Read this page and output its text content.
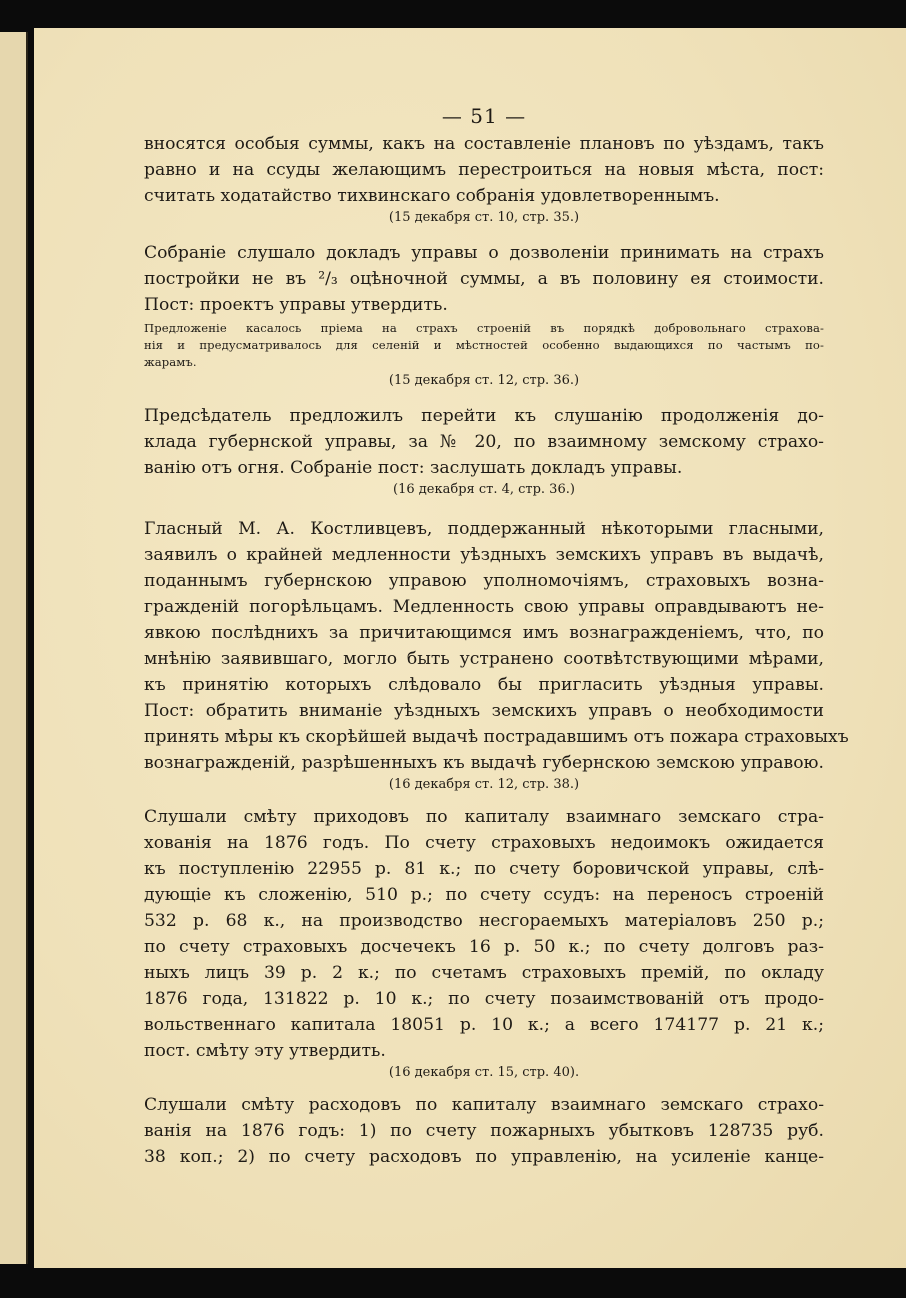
— 51 —
вносятся особыя суммы, какъ на составленіе плановъ по уѣздамъ, такъ
равно и на ссуды желающимъ перестроиться на новыя мѣста, пост:
считать ходатайство тихвинскаго собранія удовлетвореннымъ.
(15 декабря ст. 10, стр. 35.)
Собраніе слушало докладъ управы о дозволеніи принимать на страхъ
постройки не въ ²/₃ оцѣночной суммы, а въ половину ея стоимости.
Пост: проектъ управы утвердить.
Предложеніе касалось пріема на страхъ строеній въ порядкѣ добровольнаго страхова-
нія и предусматривалось для селеній и мѣстностей особенно выдающихся по частымъ по-
жарамъ.
(15 декабря ст. 12, стр. 36.)
Предсѣдатель предложилъ перейти къ слушанію продолженія до-
клада губернской управы, за № 20, по взаимному земскому страхо-
ванію отъ огня. Собраніе пост: заслушать докладъ управы.
(16 декабря ст. 4, стр. 36.)
Гласный М. А. Костливцевъ, поддержанный нѣкоторыми гласными,
заявилъ о крайней медленности уѣздныхъ земскихъ управъ въ выдачѣ,
поданнымъ губернскою управою уполномочіямъ, страховыхъ возна-
гражденій погорѣльцамъ. Медленность свою управы оправдываютъ не-
явкою послѣднихъ за причитающимся имъ вознагражденіемъ, что, по
мнѣнію заявившаго, могло быть устранено соотвѣтствующими мѣрами,
къ принятію которыхъ слѣдовало бы пригласить уѣздныя управы.
Пост: обратить вниманіе уѣздныхъ земскихъ управъ о необходимости
принять мѣры къ скорѣйшей выдачѣ пострадавшимъ отъ пожара страховыхъ
вознагражденій, разрѣшенныхъ къ выдачѣ губернскою земскою управою.
(16 декабря ст. 12, стр. 38.)
Слушали смѣту приходовъ по капиталу взаимнаго земскаго стра-
хованія на 1876 годъ. По счету страховыхъ недоимокъ ожидается
къ поступленію 22955 р. 81 к.; по счету боровичской управы, слѣ-
дующіе къ сложенію, 510 р.; по счету ссудъ: на переносъ строеній
532 р. 68 к., на производство несгораемыхъ матеріаловъ 250 р.;
по счету страховыхъ досчечекъ 16 р. 50 к.; по счету долговъ раз-
ныхъ лицъ 39 р. 2 к.; по счетамъ страховыхъ премій, по окладу
1876 года, 131822 р. 10 к.; по счету позаимствованій отъ продо-
вольственнаго капитала 18051 р. 10 к.; а всего 174177 р. 21 к.;
пост. смѣту эту утвердить.
(16 декабря ст. 15, стр. 40).
Слушали смѣту расходовъ по капиталу взаимнаго земскаго страхо-
ванія на 1876 годъ: 1) по счету пожарныхъ убытковъ 128735 руб.
38 коп.; 2) по счету расходовъ по управленію, на усиленіе канце-
